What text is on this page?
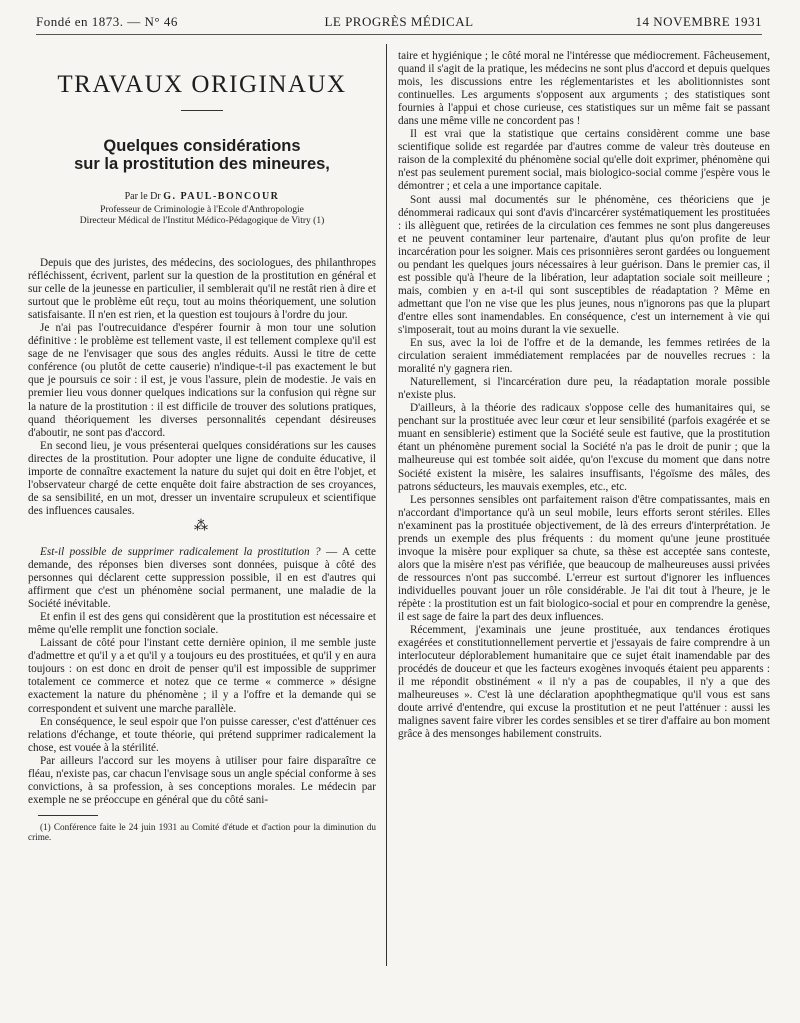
Fondé en 1873. — N° 46	LE PROGRÈS MÉDICAL	14 NOVEMBRE 1931
TRAVAUX ORIGINAUX
Quelques considérations
sur la prostitution des mineures,
Par le Dr G. PAUL-BONCOUR
Professeur de Criminologie à l'Ecole d'Anthropologie
Directeur Médical de l'Institut Médico-Pédagogique de Vitry (1)

Depuis que des juristes, des médecins, des sociologues, des philanthropes réfléchissent, écrivent, parlent sur la question de la prostitution en général et sur celle de la jeunesse en particulier, il semblerait qu'il ne restât rien à dire et surtout que le problème eût reçu, tout au moins théoriquement, une solution satisfaisante. Il n'en est rien, et la question est toujours à l'ordre du jour.

Je n'ai pas l'outrecuidance d'espérer fournir à mon tour une solution définitive : le problème est tellement vaste, il est tellement complexe qu'il est sage de ne l'envisager que sous des angles réduits. Aussi le titre de cette conférence (ou plutôt de cette causerie) n'indique-t-il pas exactement le but que je poursuis ce soir : il est, je vous l'assure, plein de modestie. Je vais en premier lieu vous donner quelques indications sur la confusion qui règne sur la nature de la prostitution : il est difficile de trouver des solutions pratiques, quand théoriquement les diverses personnalités cependant désireuses d'aboutir, ne sont pas d'accord.

En second lieu, je vous présenterai quelques considérations sur les causes directes de la prostitution. Pour adopter une ligne de conduite éducative, il importe de connaître exactement la nature du sujet qui doit en être l'objet, et l'observateur chargé de cette enquête doit faire abstraction de ses croyances, de sa sensibilité, en un mot, dresser un inventaire scrupuleux et scientifique des influences causales.

⁂

Est-il possible de supprimer radicalement la prostitution ? — A cette demande, des réponses bien diverses sont données, puisque à côté des personnes qui déclarent cette suppression possible, il en est d'autres qui affirment que c'est un phénomène social permanent, une maladie de la Société inévitable.

Et enfin il est des gens qui considèrent que la prostitution est nécessaire et même qu'elle remplit une fonction sociale.

Laissant de côté pour l'instant cette dernière opinion, il me semble juste d'admettre et qu'il y a et qu'il y a toujours eu des prostituées, et qu'il y en aura toujours : on est donc en droit de penser qu'il est impossible de supprimer totalement ce commerce et notez que ce terme « commerce » désigne exactement la nature du phénomène ; il y a l'offre et la demande qui se correspondent et suivent une marche parallèle.

En conséquence, le seul espoir que l'on puisse caresser, c'est d'atténuer ces relations d'échange, et toute théorie, qui prétend supprimer radicalement la chose, est vouée à la stérilité.

Par ailleurs l'accord sur les moyens à utiliser pour faire disparaître ce fléau, n'existe pas, car chacun l'envisage sous un angle spécial conforme à ses convictions, à sa profession, à ses conceptions morales. Le médecin par exemple ne se préoccupe en général que du côté sani-

(1) Conférence faite le 24 juin 1931 au Comité d'étude et d'action pour la diminution du crime.

taire et hygiénique ; le côté moral ne l'intéresse que médiocrement. Fâcheusement, quand il s'agit de la pratique, les médecins ne sont plus d'accord et depuis quelques mois, les discussions entre les réglementaristes et les abolitionnistes sont continuelles. Les arguments s'opposent aux arguments ; des statistiques sont fournies à l'appui et chose curieuse, ces statistiques sur un même fait se passant dans une même ville ne concordent pas !

Il est vrai que la statistique que certains considèrent comme une base scientifique solide est regardée par d'autres comme de valeur très douteuse en raison de la complexité du phénomène social qu'elle doit exprimer, phénomène qui n'est pas seulement purement social, mais biologico-social comme j'espère vous le démontrer ; et cela a une importance capitale.

Sont aussi mal documentés sur le phénomène, ces théoriciens que je dénommerai radicaux qui sont d'avis d'incarcérer systématiquement les prostituées : ils allèguent que, retirées de la circulation ces femmes ne sont plus dangereuses et ne peuvent contaminer leur partenaire, d'autant plus qu'on profite de leur incarcération pour les soigner. Mais ces prisonnières seront gardées ou longuement ou pendant les quelques jours nécessaires à leur guérison. Dans le premier cas, il est possible qu'à l'heure de la libération, leur adaptation sociale soit meilleure ; mais, combien y en a-t-il qui sont susceptibles de réadaptation ? Même en admettant que l'on ne vise que les plus jeunes, nous n'ignorons pas que la plupart d'entre elles sont inamendables. En conséquence, c'est un internement à vie qui s'imposerait, tout au moins durant la vie sexuelle.

En sus, avec la loi de l'offre et de la demande, les femmes retirées de la circulation seraient immédiatement remplacées par de nouvelles recrues : la moralité n'y gagnera rien.

Naturellement, si l'incarcération dure peu, la réadaptation morale possible n'existe plus.

D'ailleurs, à la théorie des radicaux s'oppose celle des humanitaires qui, se penchant sur la prostituée avec leur cœur et leur sensibilité (parfois exagérée et se muant en sensiblerie) estiment que la Société seule est fautive, que la prostitution étant un phénomène purement social la Société n'a pas le droit de punir ; que la malheureuse qui est tombée soit aidée, qu'on l'excuse du moment que dans notre Société existent la misère, les salaires insuffisants, l'égoïsme des mâles, des patrons séducteurs, les mauvais exemples, etc., etc.

Les personnes sensibles ont parfaitement raison d'être compatissantes, mais en n'accordant d'importance qu'à un seul mobile, leurs efforts seront stériles. Elles n'examinent pas la prostituée objectivement, de là des erreurs d'interprétation. Je prends un exemple des plus fréquents : du moment qu'une jeune prostituée invoque la misère pour expliquer sa chute, sa thèse est acceptée sans conteste, alors que la misère n'est pas vérifiée, que beaucoup de malheureuses aussi privées de ressources n'ont pas succombé. L'erreur est surtout d'ignorer les influences individuelles pouvant jouer un rôle considérable. Je l'ai dit tout à l'heure, je le répète : la prostitution est un fait biologico-social et pour en comprendre la genèse, il est sage de faire la part des deux influences.

Récemment, j'examinais une jeune prostituée, aux tendances érotiques exagérées et constitutionnellement pervertie et j'essayais de faire comprendre à un interlocuteur déplorablement humanitaire que ce sujet était inamendable par des procédés de douceur et que les facteurs exogènes invoqués étaient peu apparents : il me répondit obstinément « il n'y a pas de coupables, il n'y a que des malheureuses ». C'est là une déclaration apophthegmatique qu'il vous est sans doute arrivé d'entendre, qui excuse la prostitution et ne peut l'atténuer : aussi les malignes savent faire vibrer les cordes sensibles et se tirer d'affaire au bon moment grâce à des mensonges habilement construits.
